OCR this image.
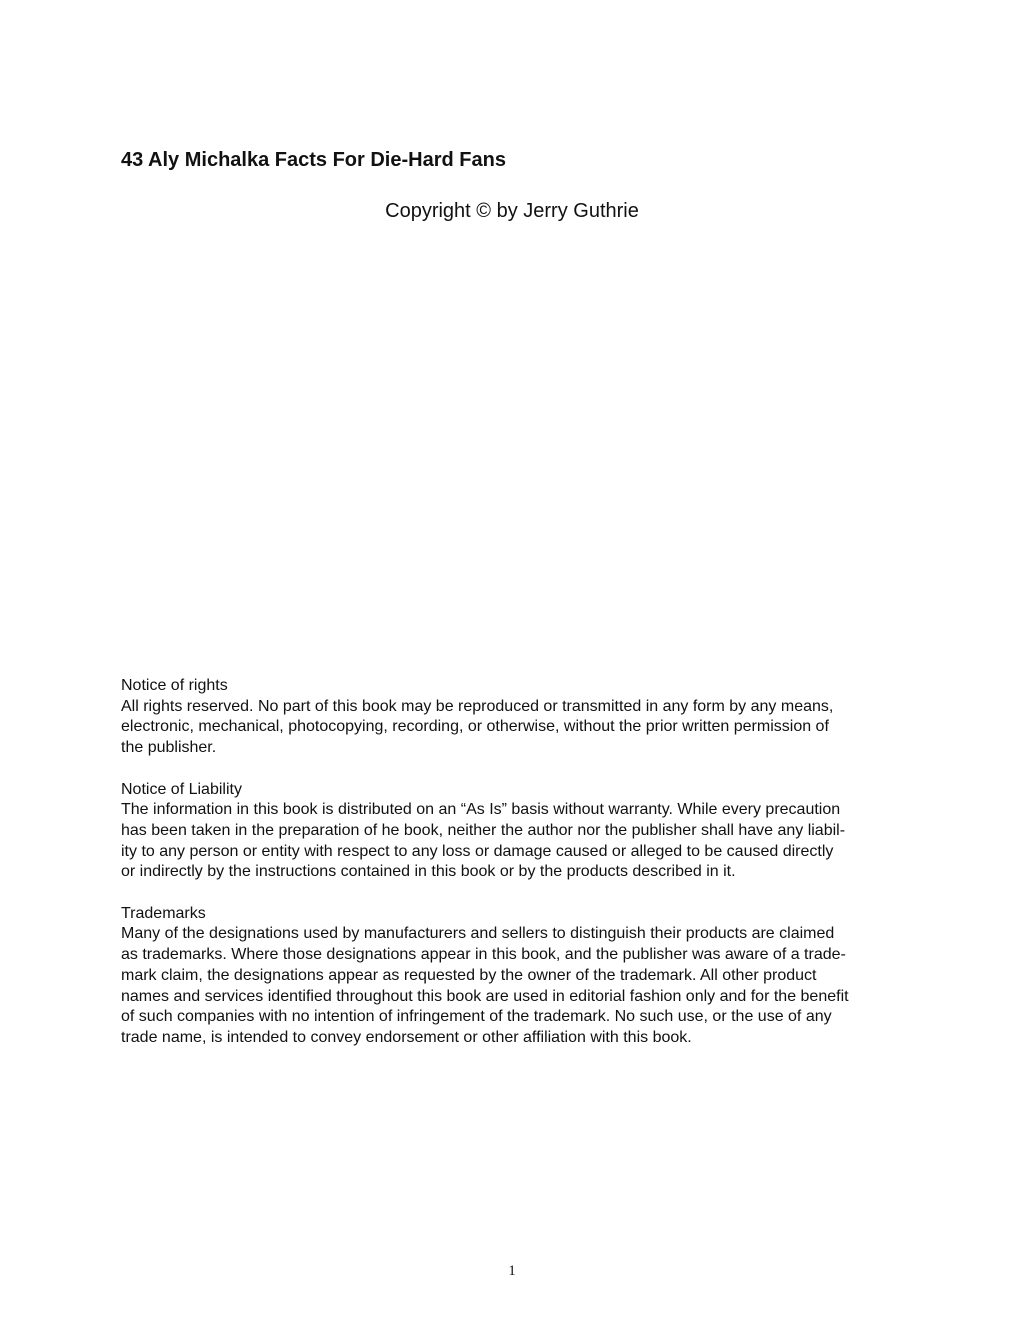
43 Aly Michalka Facts For Die-Hard Fans
Copyright © by Jerry Guthrie
Notice of rights
All rights reserved. No part of this book may be reproduced or transmitted in any form by any means,
electronic, mechanical, photocopying, recording, or otherwise, without the prior written permission of
the publisher.
Notice of Liability
The information in this book is distributed on an “As Is” basis without warranty. While every precaution
has been taken in the preparation of he book, neither the author nor the publisher shall have any liabil-
ity to any person or entity with respect to any loss or damage caused or alleged to be caused directly
or indirectly by the instructions contained in this book or by the products described in it.
Trademarks
Many of the designations used by manufacturers and sellers to distinguish their products are claimed
as trademarks. Where those designations appear in this book, and the publisher was aware of a trade-
mark claim, the designations appear as requested by the owner of the trademark. All other product
names and services identified throughout this book are used in editorial fashion only and for the benefit
of such companies with no intention of infringement of the trademark. No such use, or the use of any
trade name, is intended to convey endorsement or other affiliation with this book.
1
